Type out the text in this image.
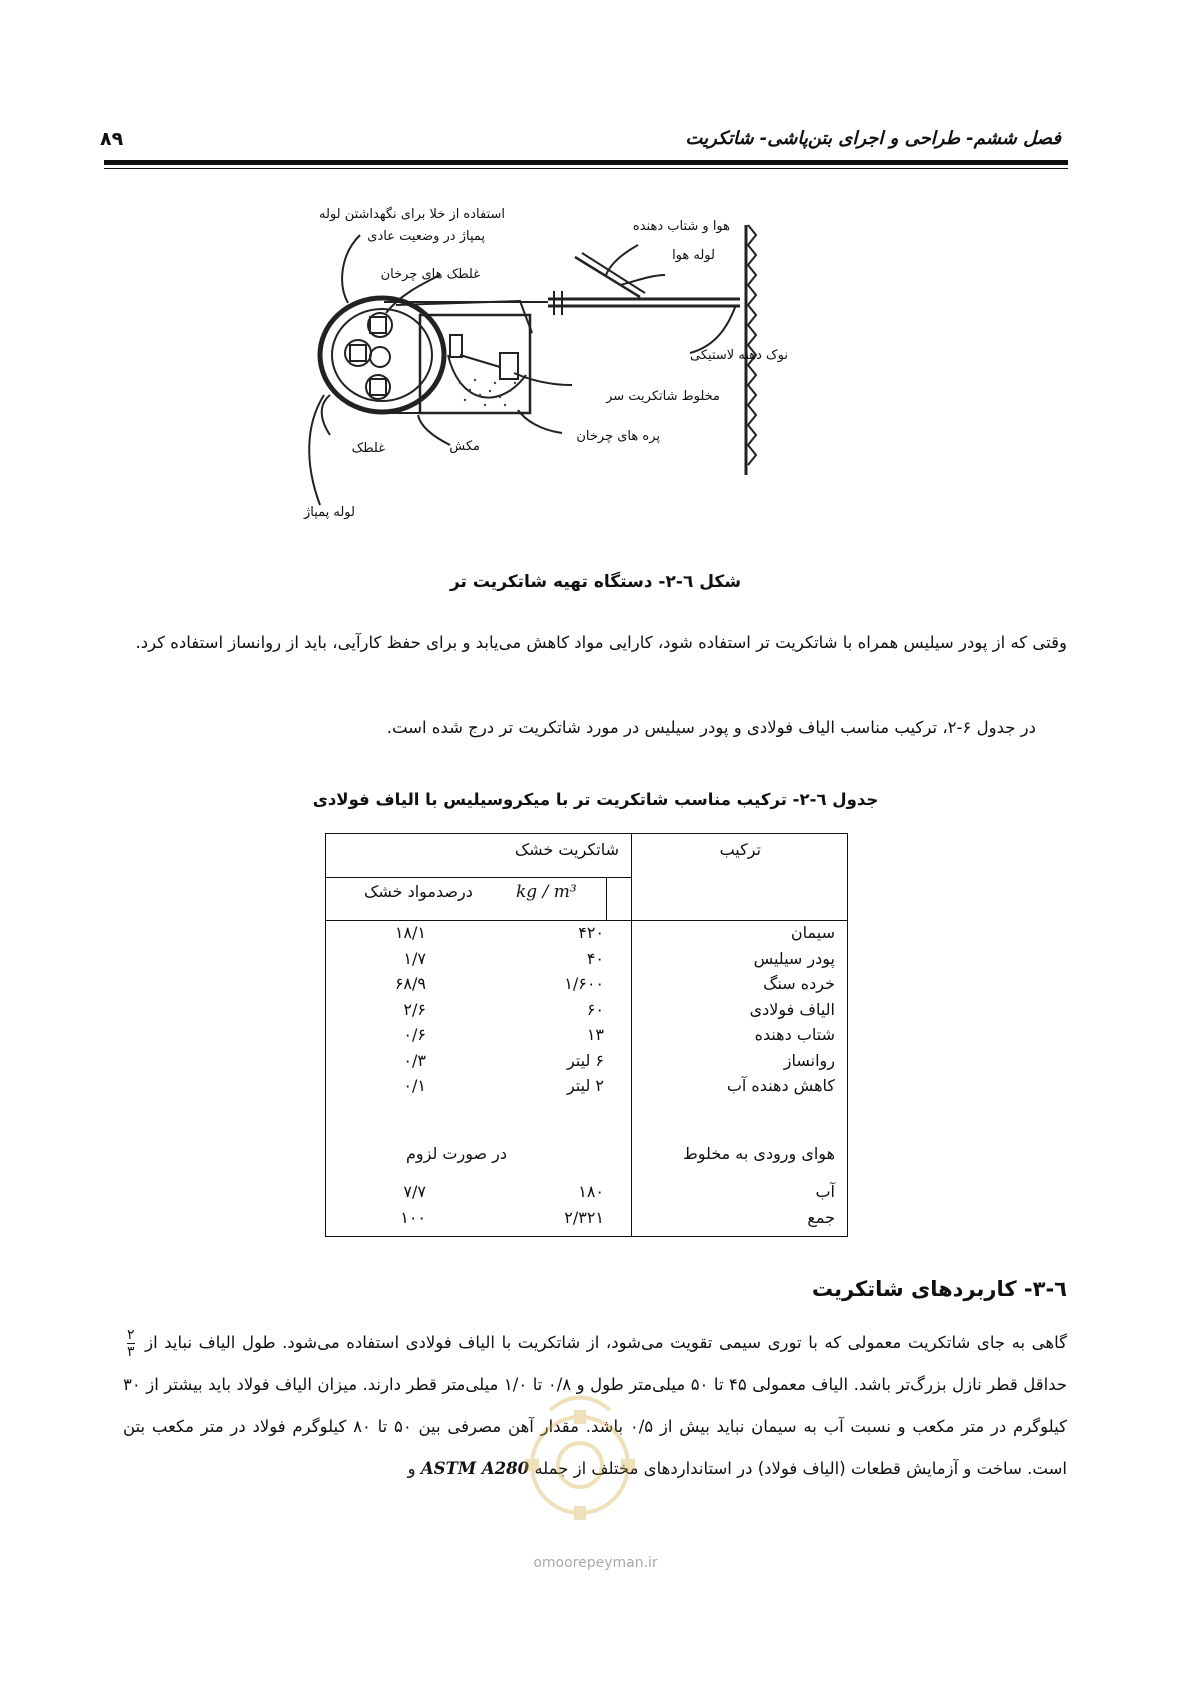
فصل ششم- طراحی و اجرای بتن‌پاشی- شاتکریت
۸۹
استفاده از خلا برای نگهداشتن لوله
پمپاژ در وضعیت عادی
غلطک های چرخان
هوا و شتاب دهنده
لوله هوا
نوک دهنه لاستیکی
مخلوط شاتکریت سر
پره های چرخان
مکش
غلطک
لوله پمپاژ
شکل ٦-٢- دستگاه تهیه شاتکریت تر
وقتی که از پودر سیلیس همراه با شاتکریت تر استفاده شود، کارایی مواد کاهش می‌یابد و برای حفظ کارآیی، باید از روانساز استفاده کرد.
در جدول ۶-۲، ترکیب مناسب الیاف فولادی و پودر سیلیس در مورد شاتکریت تر درج شده است.
جدول ٦-٢- ترکیب مناسب شاتکریت تر با میکروسیلیس با الیاف فولادی
ترکیب
شاتکریت خشک
kg / m³
درصدمواد خشک
سیمان
پودر سیلیس
خرده سنگ
الیاف فولادی
شتاب دهنده
روانساز
کاهش دهنده آب
۴۲۰
۴۰
۱/۶۰۰
۶۰
۱۳
۶ لیتر
۲ لیتر
۱۸/۱
۱/۷
۶۸/۹
۲/۶
۰/۶
۰/۳
۰/۱
هوای ورودی به مخلوط
در صورت لزوم
آب
جمع
۱۸۰
۲/۳۲۱
۷/۷
۱۰۰
٦-٣- کاربردهای شاتکریت
گاهی به جای شاتکریت معمولی که با توری سیمی تقویت می‌شود، از شاتکریت با الیاف فولادی استفاده می‌شود. طول الیاف نباید از
۲
۳
حداقل قطر نازل بزرگ‌تر باشد. الیاف معمولی ۴۵ تا ۵۰ میلی‌متر طول و ۰/۸ تا ۱/۰ میلی‌متر قطر دارند. میزان الیاف فولاد باید بیشتر از ۳۰ کیلوگرم در متر مکعب و نسبت آب به سیمان نباید بیش از ۰/۵ باشد. مقدار آهن مصرفی بین ۵۰ تا ۸۰ کیلوگرم فولاد در متر مکعب بتن است. ساخت و آزمایش قطعات (الیاف فولاد) در استانداردهای مختلف از جمله ASTM A280 و
omoorepeyman.ir
